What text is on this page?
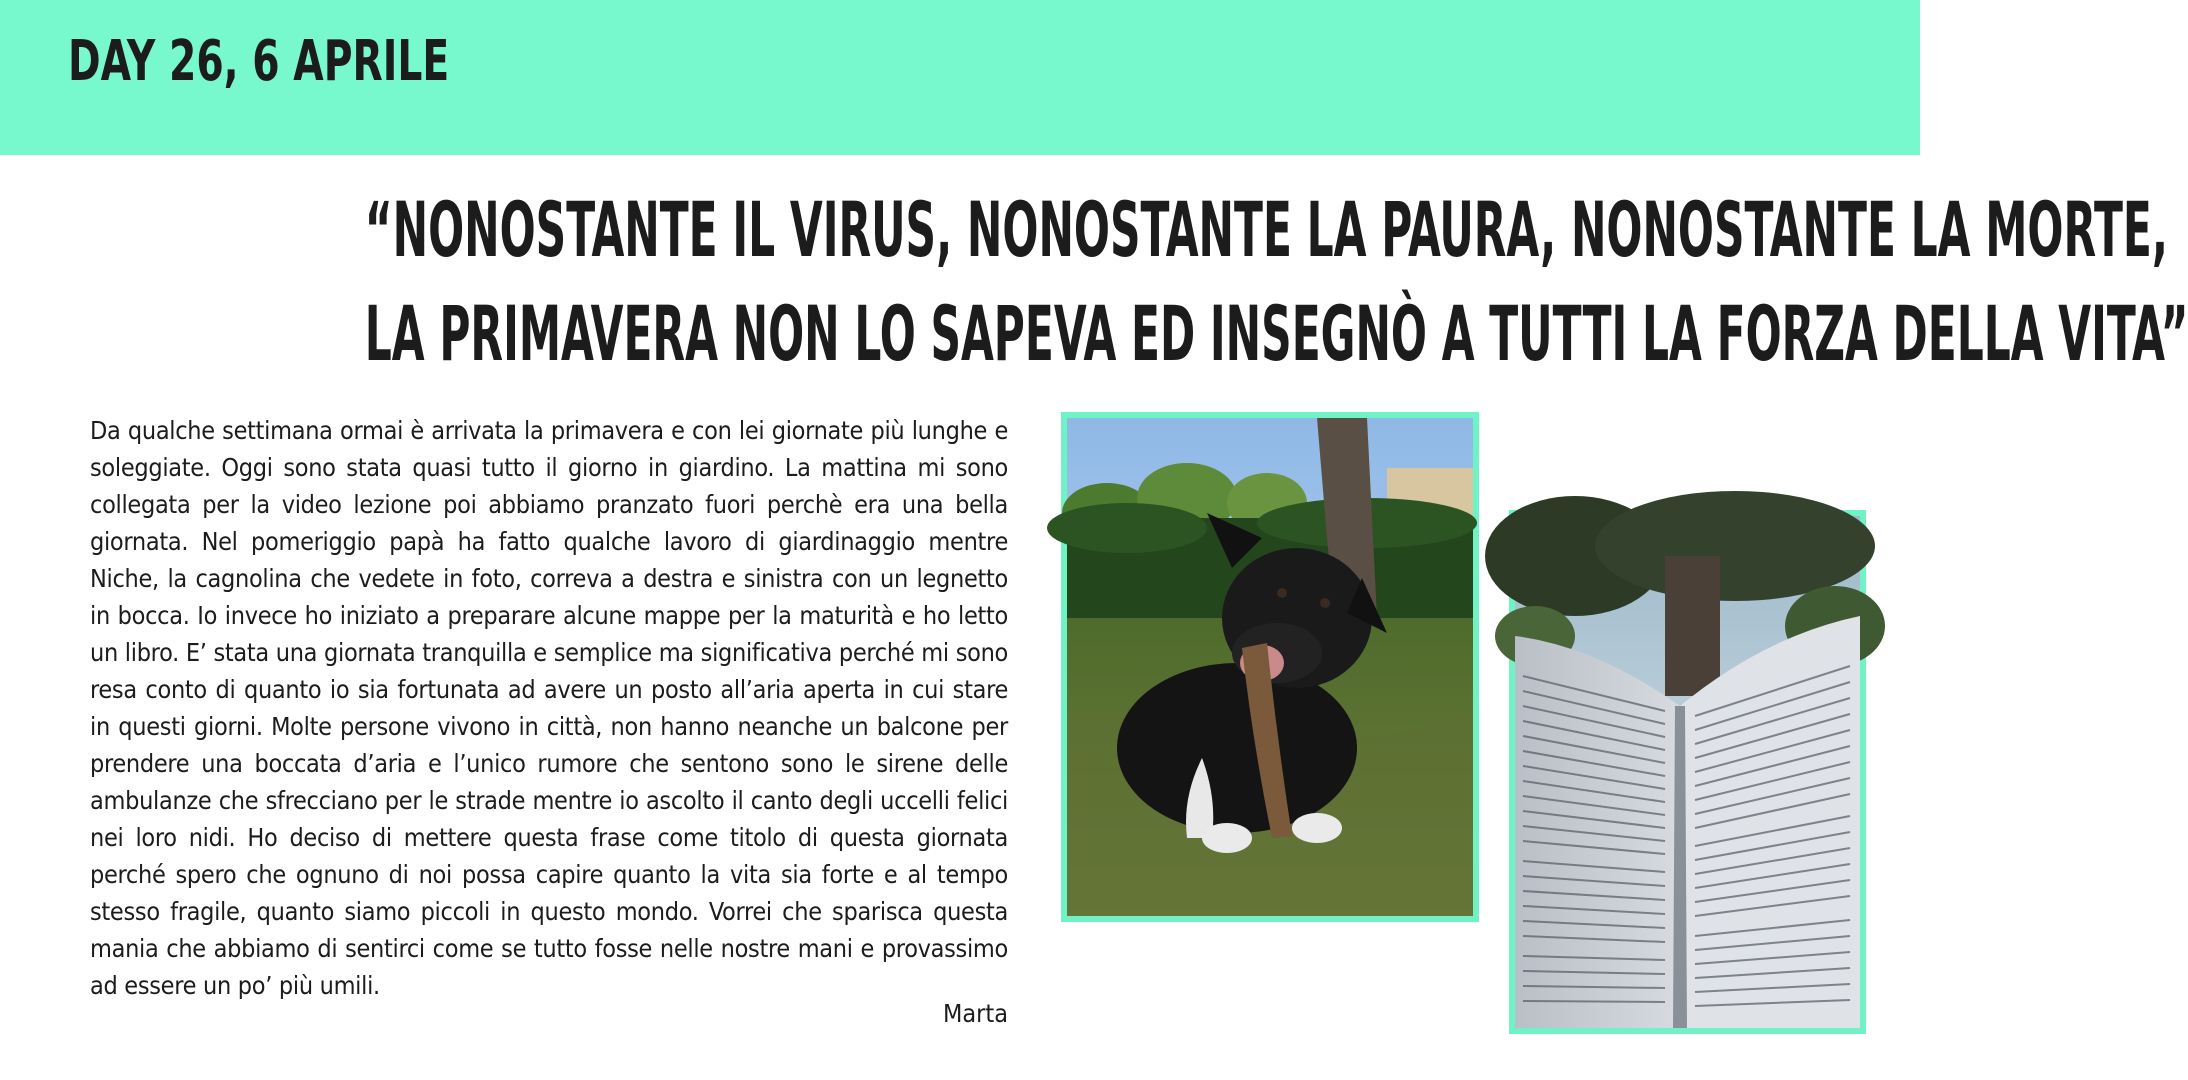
DAY 26, 6 APRILE
“NONOSTANTE IL VIRUS, NONOSTANTE LA PAURA, NONOSTANTE LA MORTE,
LA PRIMAVERA NON LO SAPEVA ED INSEGNÒ A TUTTI LA FORZA DELLA VITA”
Da qualche settimana ormai è arrivata la primavera e con lei giornate più lunghe e soleggiate. Oggi sono stata quasi tutto il giorno in giardino. La mattina mi sono collegata per la video lezione poi abbiamo pranzato fuori perchè era una bella giornata. Nel pomeriggio papà ha fatto qualche lavoro di giardinaggio mentre Niche, la cagnolina che vedete in foto, correva a destra e sinistra con un legnetto in bocca. Io invece ho iniziato a preparare alcune mappe per la maturità e ho letto un libro. E’ stata una giornata tranquilla e semplice ma significativa perché mi sono resa conto di quanto io sia fortunata ad avere un posto all’aria aperta in cui stare in questi giorni. Molte persone vivono in città, non hanno neanche un balcone per prendere una boccata d’aria e l’unico rumore che sentono sono le sirene delle ambulanze che sfrecciano per le strade mentre io ascolto il canto degli uccelli felici nei loro nidi. Ho deciso di mettere questa frase come titolo di questa giornata perché spero che ognuno di noi possa capire quanto la vita sia forte e al tempo stesso fragile, quanto siamo piccoli in questo mondo. Vorrei che sparisca questa mania che abbiamo di sentirci come se tutto fosse nelle nostre mani e provassimo ad essere un po’ più umili.
Marta
